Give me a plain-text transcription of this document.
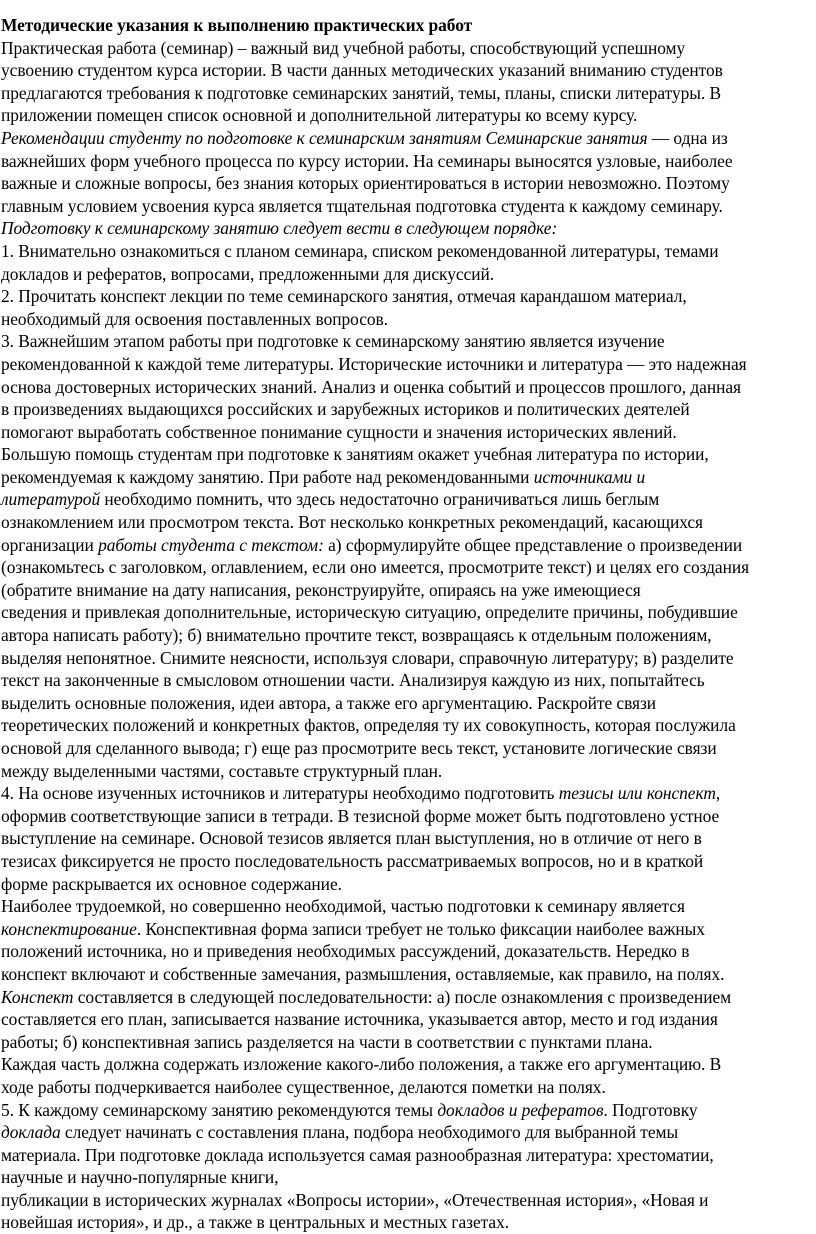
Методические указания к выполнению практических работ
Практическая работа (семинар) – важный вид учебной работы, способствующий успешному
усвоению студентом курса истории. В части данных методических указаний вниманию студентов
предлагаются требования к подготовке семинарских занятий, темы, планы, списки литературы. В
приложении помещен список основной и дополнительной литературы ко всему курсу.
Рекомендации студенту по подготовке к семинарским занятиям Семинарские занятия — одна из
важнейших форм учебного процесса по курсу истории. На семинары выносятся узловые, наиболее
важные и сложные вопросы, без знания которых ориентироваться в истории невозможно. Поэтому
главным условием усвоения курса является тщательная подготовка студента к каждому семинару.
Подготовку к семинарскому занятию следует вести в следующем порядке:
1. Внимательно ознакомиться с планом семинара, списком рекомендованной литературы, темами
докладов и рефератов, вопросами, предложенными для дискуссий.
2. Прочитать конспект лекции по теме семинарского занятия, отмечая карандашом материал,
необходимый для освоения поставленных вопросов.
3. Важнейшим этапом работы при подготовке к семинарскому занятию является изучение
рекомендованной к каждой теме литературы. Исторические источники и литература — это надежная
основа достоверных исторических знаний. Анализ и оценка событий и процессов прошлого, данная
в произведениях выдающихся российских и зарубежных историков и политических деятелей
помогают выработать собственное понимание сущности и значения исторических явлений.
Большую помощь студентам при подготовке к занятиям окажет учебная литература по истории,
рекомендуемая к каждому занятию. При работе над рекомендованными источниками и
литературой необходимо помнить, что здесь недостаточно ограничиваться лишь беглым
ознакомлением или просмотром текста. Вот несколько конкретных рекомендаций, касающихся
организации работы студента с текстом: а) сформулируйте общее представление о произведении
(ознакомьтесь с заголовком, оглавлением, если оно имеется, просмотрите текст) и целях его создания
(обратите внимание на дату написания, реконструируйте, опираясь на уже имеющиеся
сведения и привлекая дополнительные, историческую ситуацию, определите причины, побудившие
автора написать работу); б) внимательно прочтите текст, возвращаясь к отдельным положениям,
выделяя непонятное. Снимите неясности, используя словари, справочную литературу; в) разделите
текст на законченные в смысловом отношении части. Анализируя каждую из них, попытайтесь
выделить основные положения, идеи автора, а также его аргументацию. Раскройте связи
теоретических положений и конкретных фактов, определяя ту их совокупность, которая послужила
основой для сделанного вывода; г) еще раз просмотрите весь текст, установите логические связи
между выделенными частями, составьте структурный план.
4. На основе изученных источников и литературы необходимо подготовить тезисы или конспект,
оформив соответствующие записи в тетради. В тезисной форме может быть подготовлено устное
выступление на семинаре. Основой тезисов является план выступления, но в отличие от него в
тезисах фиксируется не просто последовательность рассматриваемых вопросов, но и в краткой
форме раскрывается их основное содержание.
Наиболее трудоемкой, но совершенно необходимой, частью подготовки к семинару является
конспектирование. Конспективная форма записи требует не только фиксации наиболее важных
положений источника, но и приведения необходимых рассуждений, доказательств. Нередко в
конспект включают и собственные замечания, размышления, оставляемые, как правило, на полях.
Конспект составляется в следующей последовательности: а) после ознакомления с произведением
составляется его план, записывается название источника, указывается автор, место и год издания
работы; б) конспективная запись разделяется на части в соответствии с пунктами плана.
Каждая часть должна содержать изложение какого-либо положения, а также его аргументацию. В
ходе работы подчеркивается наиболее существенное, делаются пометки на полях.
5. К каждому семинарскому занятию рекомендуются темы докладов и рефератов. Подготовку
доклада следует начинать с составления плана, подбора необходимого для выбранной темы
материала. При подготовке доклада используется самая разнообразная литература: хрестоматии,
научные и научно-популярные книги,
публикации в исторических журналах «Вопросы истории», «Отечественная история», «Новая и
новейшая история», и др., а также в центральных и местных газетах.
